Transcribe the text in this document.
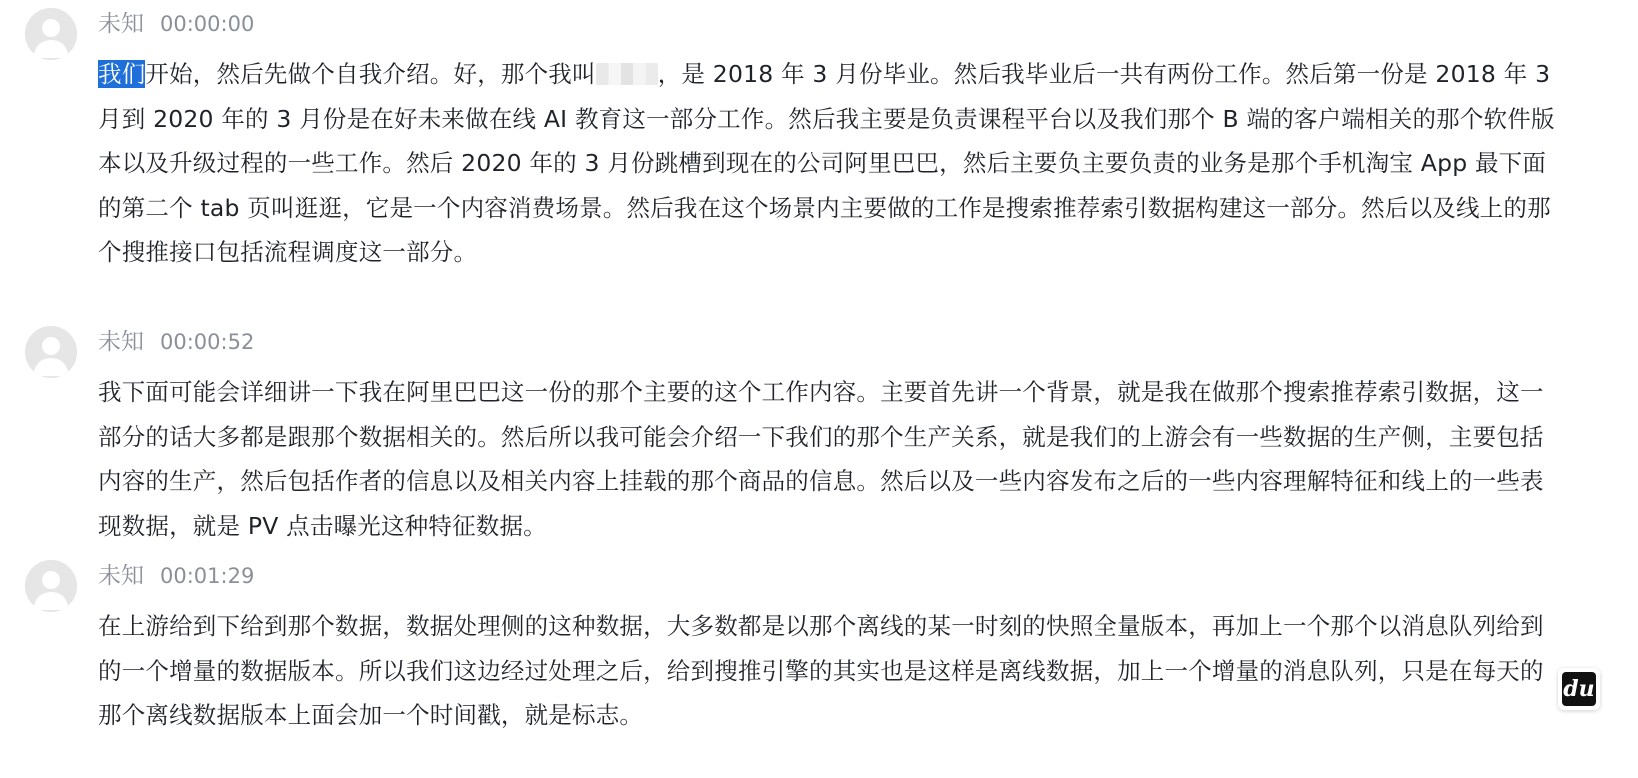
未知 00:00:00

我们开始，然后先做个自我介绍。好，那个我叫	，是 2018 年 3 月份毕业。然后我毕业后一共有两份工作。然后第一份是 2018 年 3 月到 2020 年的 3 月份是在好未来做在线 AI 教育这一部分工作。然后我主要是负责课程平台以及我们那个 B 端的客户端相关的那个软件版本以及升级过程的一些工作。然后 2020 年的 3 月份跳槽到现在的公司阿里巴巴，然后主要负主要负责的业务是那个手机淘宝 App 最下面的第二个 tab 页叫逛逛，它是一个内容消费场景。然后我在这个场景内主要做的工作是搜索推荐索引数据构建这一部分。然后以及线上的那个搜推接口包括流程调度这一部分。

未知 00:00:52

我下面可能会详细讲一下我在阿里巴巴这一份的那个主要的这个工作内容。主要首先讲一个背景，就是我在做那个搜索推荐索引数据，这一部分的话大多都是跟那个数据相关的。然后所以我可能会介绍一下我们的那个生产关系，就是我们的上游会有一些数据的生产侧，主要包括内容的生产，然后包括作者的信息以及相关内容上挂载的那个商品的信息。然后以及一些内容发布之后的一些内容理解特征和线上的一些表现数据，就是 PV 点击曝光这种特征数据。

未知 00:01:29

在上游给到下给到那个数据，数据处理侧的这种数据，大多数都是以那个离线的某一时刻的快照全量版本，再加上一个那个以消息队列给到的一个增量的数据版本。所以我们这边经过处理之后，给到搜推引擎的其实也是这样是离线数据，加上一个增量的消息队列，只是在每天的那个离线数据版本上面会加一个时间戳，就是标志。

du
